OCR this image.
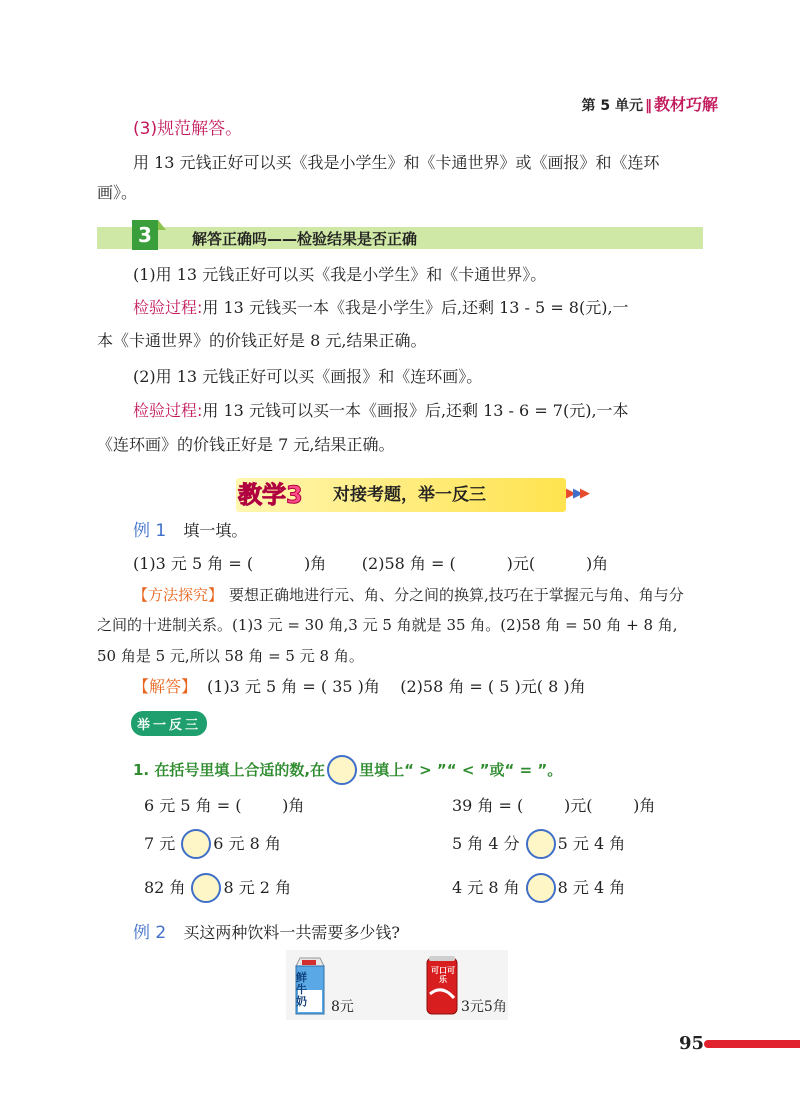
第 5 单元 ‖ 教材巧解
(3)规范解答。
用 13 元钱正好可以买《我是小学生》和《卡通世界》或《画报》和《连环
画》。
3	解答正确吗——检验结果是否正确
(1)用 13 元钱正好可以买《我是小学生》和《卡通世界》。
检验过程:用 13 元钱买一本《我是小学生》后,还剩 13 - 5 = 8(元),一
本《卡通世界》的价钱正好是 8 元,结果正确。
(2)用 13 元钱正好可以买《画报》和《连环画》。
检验过程:用 13 元钱可以买一本《画报》后,还剩 13 - 6 = 7(元),一本
《连环画》的价钱正好是 7 元,结果正确。
教学3 对接考题，举一反三	▶▶▶
例 1 填一填。
(1)3 元 5 角 = (          )角       (2)58 角 = (          )元(          )角
【方法探究】 要想正确地进行元、角、分之间的换算,技巧在于掌握元与角、角与分
之间的十进制关系。(1)3 元 = 30 角,3 元 5 角就是 35 角。(2)58 角 = 50 角 + 8 角,
50 角是 5 元,所以 58 角 = 5 元 8 角。
【解答】 (1)3 元 5 角 = ( 35 )角    (2)58 角 = ( 5 )元( 8 )角
举一反三
1. 在括号里填上合适的数,在 里填上“ > ”“ < ”或“ = ”。
6 元 5 角 = (        )角	39 角 = (        )元(        )角
7 元 6 元 8 角	5 角 4 分 5 元 4 角
82 角 8 元 2 角	4 元 8 角 8 元 4 角
例 2 买这两种饮料一共需要多少钱?
鲜牛奶 8元
可口可乐
3元5角
95
